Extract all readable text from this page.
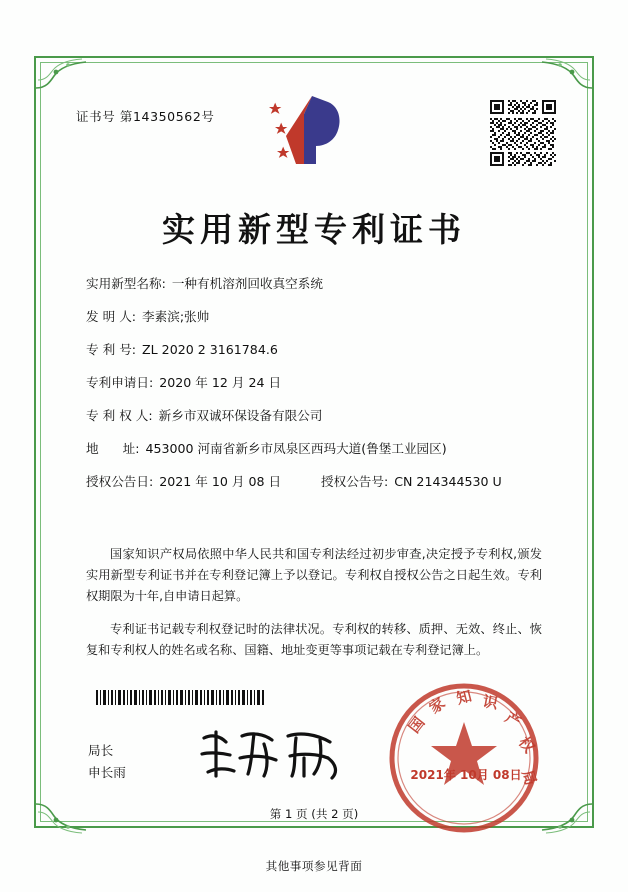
证书号 第14350562号
实用新型专利证书
实用新型名称: 一种有机溶剂回收真空系统
发 明 人: 李素滨;张帅
专 利 号: ZL 2020 2 3161784.6
专利申请日: 2020 年 12 月 24 日
专 利 权 人: 新乡市双诚环保设备有限公司
地      址: 453000 河南省新乡市凤泉区西玛大道(鲁堡工业园区)
授权公告日: 2021 年 10 月 08 日	授权公告号: CN 214344530 U

国家知识产权局依照中华人民共和国专利法经过初步审查,决定授予专利权,颁发实用新型专利证书并在专利登记簿上予以登记。专利权自授权公告之日起生效。专利权期限为十年,自申请日起算。

专利证书记载专利权登记时的法律状况。专利权的转移、质押、无效、终止、恢复和专利权人的姓名或名称、国籍、地址变更等事项记载在专利登记簿上。

局长
申长雨
国
家 知 识
产
权
局
2021年 10月 08日
第 1 页 (共 2 页)
其他事项参见背面
